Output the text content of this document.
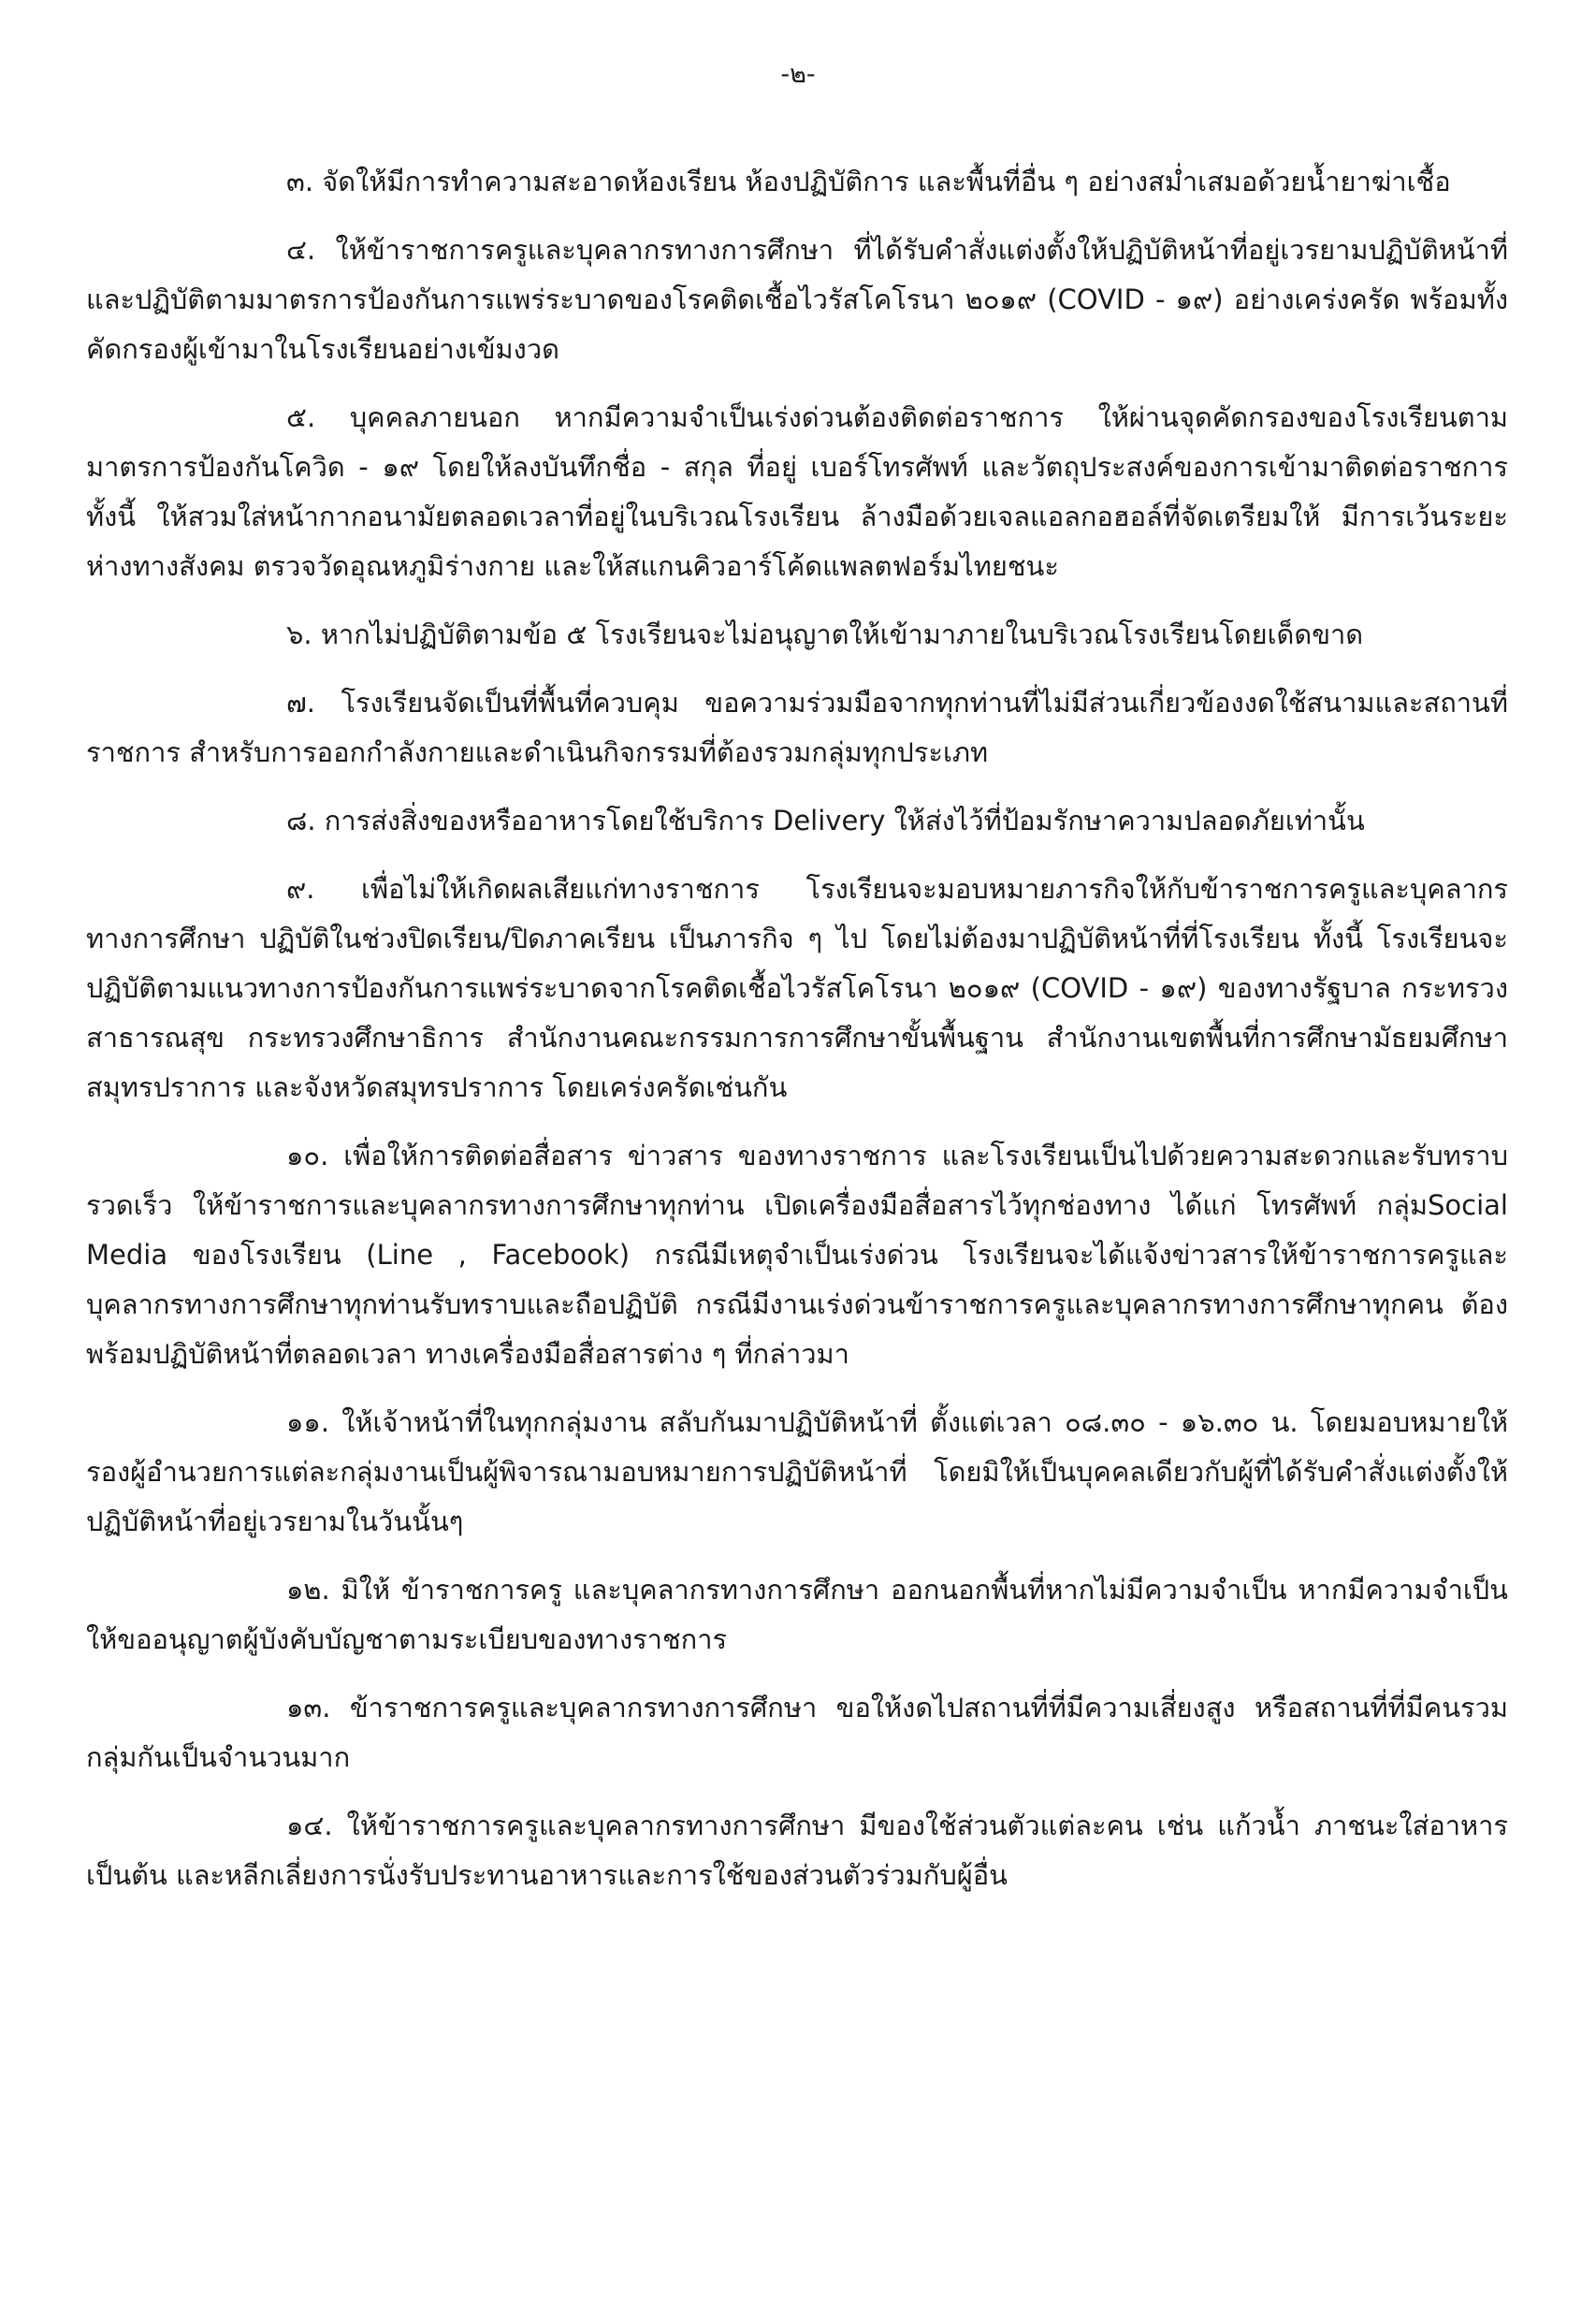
-๒-

๓. จัดให้มีการทำความสะอาดห้องเรียน ห้องปฏิบัติการ และพื้นที่อื่น ๆ อย่างสม่ำเสมอด้วยน้ำยาฆ่าเชื้อ

๔. ให้ข้าราชการครูและบุคลากรทางการศึกษา ที่ได้รับคำสั่งแต่งตั้งให้ปฏิบัติหน้าที่อยู่เวรยามปฏิบัติหน้าที่ และปฏิบัติตามมาตรการป้องกันการแพร่ระบาดของโรคติดเชื้อไวรัสโคโรนา ๒๐๑๙ (COVID - ๑๙) อย่างเคร่งครัด พร้อมทั้งคัดกรองผู้เข้ามาในโรงเรียนอย่างเข้มงวด

๕. บุคคลภายนอก หากมีความจำเป็นเร่งด่วนต้องติดต่อราชการ ให้ผ่านจุดคัดกรองของโรงเรียนตามมาตรการป้องกันโควิด - ๑๙ โดยให้ลงบันทึกชื่อ - สกุล ที่อยู่ เบอร์โทรศัพท์ และวัตถุประสงค์ของการเข้ามาติดต่อราชการ ทั้งนี้ ให้สวมใส่หน้ากากอนามัยตลอดเวลาที่อยู่ในบริเวณโรงเรียน ล้างมือด้วยเจลแอลกอฮอล์ที่จัดเตรียมให้ มีการเว้นระยะห่างทางสังคม ตรวจวัดอุณหภูมิร่างกาย และให้สแกนคิวอาร์โค้ดแพลตฟอร์มไทยชนะ

๖. หากไม่ปฏิบัติตามข้อ ๕ โรงเรียนจะไม่อนุญาตให้เข้ามาภายในบริเวณโรงเรียนโดยเด็ดขาด

๗. โรงเรียนจัดเป็นที่พื้นที่ควบคุม ขอความร่วมมือจากทุกท่านที่ไม่มีส่วนเกี่ยวข้องงดใช้สนามและสถานที่ราชการ สำหรับการออกกำลังกายและดำเนินกิจกรรมที่ต้องรวมกลุ่มทุกประเภท

๘. การส่งสิ่งของหรืออาหารโดยใช้บริการ Delivery ให้ส่งไว้ที่ป้อมรักษาความปลอดภัยเท่านั้น

๙. เพื่อไม่ให้เกิดผลเสียแก่ทางราชการ โรงเรียนจะมอบหมายภารกิจให้กับข้าราชการครูและบุคลากรทางการศึกษา ปฏิบัติในช่วงปิดเรียน/ปิดภาคเรียน เป็นภารกิจ ๆ ไป โดยไม่ต้องมาปฏิบัติหน้าที่ที่โรงเรียน ทั้งนี้ โรงเรียนจะปฏิบัติตามแนวทางการป้องกันการแพร่ระบาดจากโรคติดเชื้อไวรัสโคโรนา ๒๐๑๙ (COVID - ๑๙) ของทางรัฐบาล กระทรวงสาธารณสุข กระทรวงศึกษาธิการ สำนักงานคณะกรรมการการศึกษาขั้นพื้นฐาน สำนักงานเขตพื้นที่การศึกษามัธยมศึกษาสมุทรปราการ และจังหวัดสมุทรปราการ โดยเคร่งครัดเช่นกัน

๑๐. เพื่อให้การติดต่อสื่อสาร ข่าวสาร ของทางราชการ และโรงเรียนเป็นไปด้วยความสะดวกและรับทราบรวดเร็ว ให้ข้าราชการและบุคลากรทางการศึกษาทุกท่าน เปิดเครื่องมือสื่อสารไว้ทุกช่องทาง ได้แก่ โทรศัพท์ กลุ่มSocial Media ของโรงเรียน (Line , Facebook) กรณีมีเหตุจำเป็นเร่งด่วน โรงเรียนจะได้แจ้งข่าวสารให้ข้าราชการครูและบุคลากรทางการศึกษาทุกท่านรับทราบและถือปฏิบัติ กรณีมีงานเร่งด่วนข้าราชการครูและบุคลากรทางการศึกษาทุกคน ต้องพร้อมปฏิบัติหน้าที่ตลอดเวลา ทางเครื่องมือสื่อสารต่าง ๆ ที่กล่าวมา

๑๑. ให้เจ้าหน้าที่ในทุกกลุ่มงาน สลับกันมาปฏิบัติหน้าที่ ตั้งแต่เวลา ๐๘.๓๐ - ๑๖.๓๐ น. โดยมอบหมายให้รองผู้อำนวยการแต่ละกลุ่มงานเป็นผู้พิจารณามอบหมายการปฏิบัติหน้าที่ โดยมิให้เป็นบุคคลเดียวกับผู้ที่ได้รับคำสั่งแต่งตั้งให้ปฏิบัติหน้าที่อยู่เวรยามในวันนั้นๆ

๑๒. มิให้ ข้าราชการครู และบุคลากรทางการศึกษา ออกนอกพื้นที่หากไม่มีความจำเป็น หากมีความจำเป็น ให้ขออนุญาตผู้บังคับบัญชาตามระเบียบของทางราชการ

๑๓. ข้าราชการครูและบุคลากรทางการศึกษา ขอให้งดไปสถานที่ที่มีความเสี่ยงสูง หรือสถานที่ที่มีคนรวมกลุ่มกันเป็นจำนวนมาก

๑๔. ให้ข้าราชการครูและบุคลากรทางการศึกษา มีของใช้ส่วนตัวแต่ละคน เช่น แก้วน้ำ ภาชนะใส่อาหาร เป็นต้น และหลีกเลี่ยงการนั่งรับประทานอาหารและการใช้ของส่วนตัวร่วมกับผู้อื่น
